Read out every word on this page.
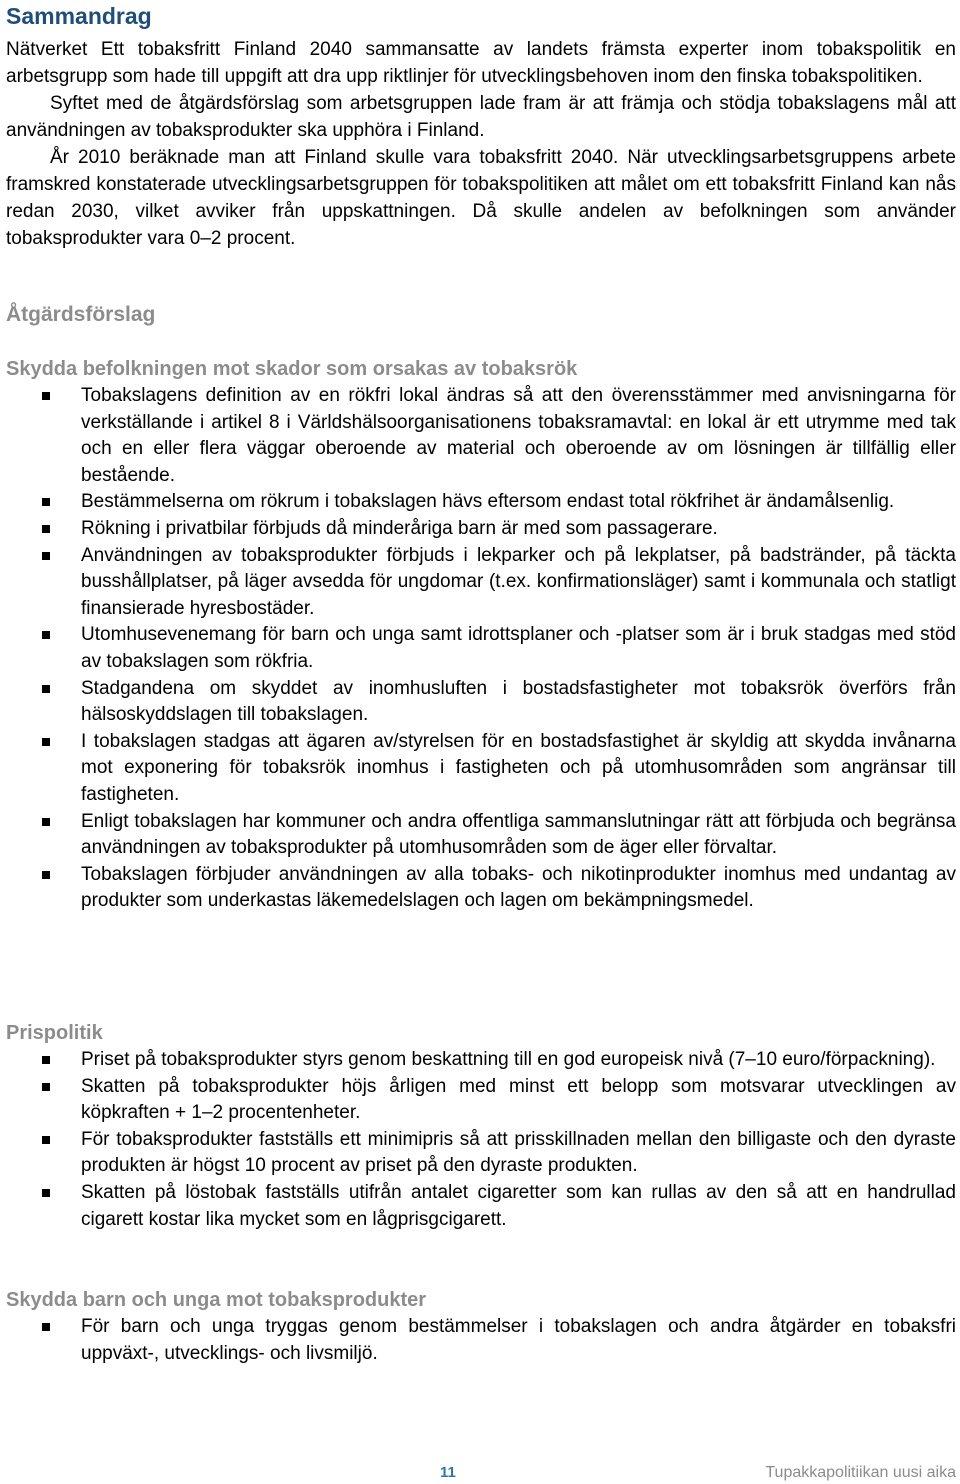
Sammandrag

Nätverket Ett tobaksfritt Finland 2040 sammansatte av landets främsta experter inom tobakspolitik en arbetsgrupp som hade till uppgift att dra upp riktlinjer för utvecklingsbehoven inom den finska tobakspolitiken.

Syftet med de åtgärdsförslag som arbetsgruppen lade fram är att främja och stödja tobakslagens mål att användningen av tobaksprodukter ska upphöra i Finland.

År 2010 beräknade man att Finland skulle vara tobaksfritt 2040. När utvecklingsarbetsgruppens arbete framskred konstaterade utvecklingsarbetsgruppen för tobakspolitiken att målet om ett tobaksfritt Finland kan nås redan 2030, vilket avviker från uppskattningen. Då skulle andelen av befolkningen som använder tobaksprodukter vara 0–2 procent.

Åtgärdsförslag
Skydda befolkningen mot skador som orsakas av tobaksrök
Tobakslagens definition av en rökfri lokal ändras så att den överensstämmer med anvisningarna för verkställande i artikel 8 i Världshälsoorganisationens tobaksramavtal: en lokal är ett utrymme med tak och en eller flera väggar oberoende av material och oberoende av om lösningen är tillfällig eller bestående.
Bestämmelserna om rökrum i tobakslagen hävs eftersom endast total rökfrihet är ändamålsenlig.
Rökning i privatbilar förbjuds då minderåriga barn är med som passagerare.
Användningen av tobaksprodukter förbjuds i lekparker och på lekplatser, på badstränder, på täckta busshållplatser, på läger avsedda för ungdomar (t.ex. konfirmationsläger) samt i kommunala och statligt finansierade hyresbostäder.
Utomhusevenemang för barn och unga samt idrottsplaner och -platser som är i bruk stadgas med stöd av tobakslagen som rökfria.
Stadgandena om skyddet av inomhusluften i bostadsfastigheter mot tobaksrök överförs från hälsoskyddslagen till tobakslagen.
I tobakslagen stadgas att ägaren av/styrelsen för en bostadsfastighet är skyldig att skydda invånarna mot exponering för tobaksrök inomhus i fastigheten och på utomhusområden som angränsar till fastigheten.
Enligt tobakslagen har kommuner och andra offentliga sammanslutningar rätt att förbjuda och begränsa användningen av tobaksprodukter på utomhusområden som de äger eller förvaltar.
Tobakslagen förbjuder användningen av alla tobaks- och nikotinprodukter inomhus med undantag av produkter som underkastas läkemedelslagen och lagen om bekämpningsmedel.
Prispolitik
Priset på tobaksprodukter styrs genom beskattning till en god europeisk nivå (7–10 euro/förpackning).
Skatten på tobaksprodukter höjs årligen med minst ett belopp som motsvarar utvecklingen av köpkraften + 1–2 procentenheter.
För tobaksprodukter fastställs ett minimipris så att prisskillnaden mellan den billigaste och den dyraste produkten är högst 10 procent av priset på den dyraste produkten.
Skatten på löstobak fastställs utifrån antalet cigaretter som kan rullas av den så att en handrullad cigarett kostar lika mycket som en lågprisgcigarett.
Skydda barn och unga mot tobaksprodukter
För barn och unga tryggas genom bestämmelser i tobakslagen och andra åtgärder en tobaksfri uppväxt-, utvecklings- och livsmiljö.
11	Tupakkapolitiikan uusi aika
